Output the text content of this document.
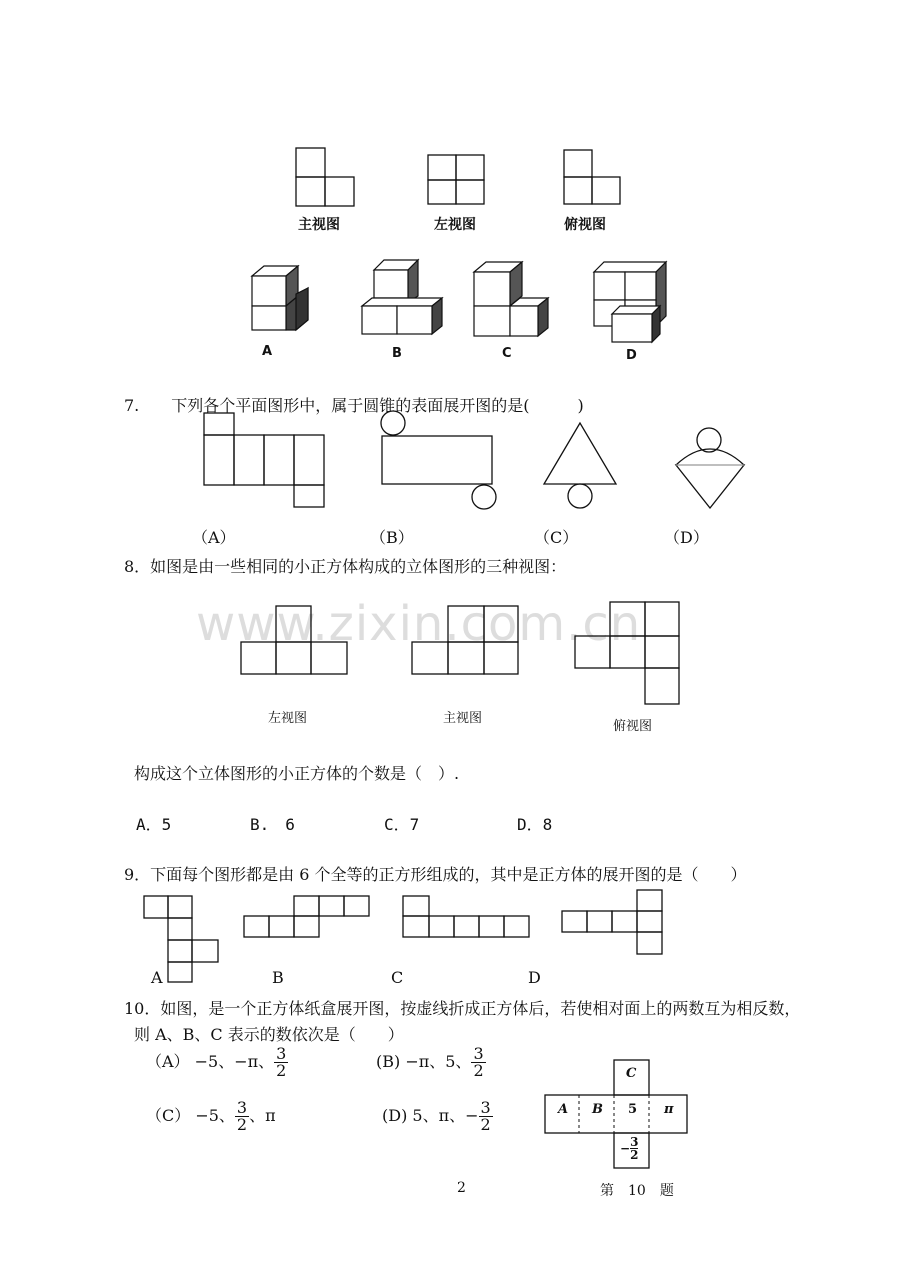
主视图	左视图	俯视图
A	B	C	D
7.　　下列各个平面图形中，属于圆锥的表面展开图的是(　　　)
（A）	（B）	（C）	（D）
8．如图是由一些相同的小正方体构成的立体图形的三种视图：
www.zixin.com.cn
左视图	主视图
俯视图
构成这个立体图形的小正方体的个数是（　）.
A．5	B.　6	C．7	D．8
9．下面每个图形都是由 6 个全等的正方形组成的，其中是正方体的展开图的是（　　）
A	B	C	D
10．如图，是一个正方体纸盒展开图，按虚线折成正方体后，若使相对面上的两数互为相反数，
则 A、B、C 表示的数依次是（　　）
（A） −5、−π、 $\frac{3}{2}$	(B) −π、5、 $\frac{3}{2}$
（C） −5、 $\frac{3}{2}$ 、π	(D) 5、π、− $\frac{3}{2}$
C
A B 5 π
− $\frac{3}{2}$
2	第　10　题
